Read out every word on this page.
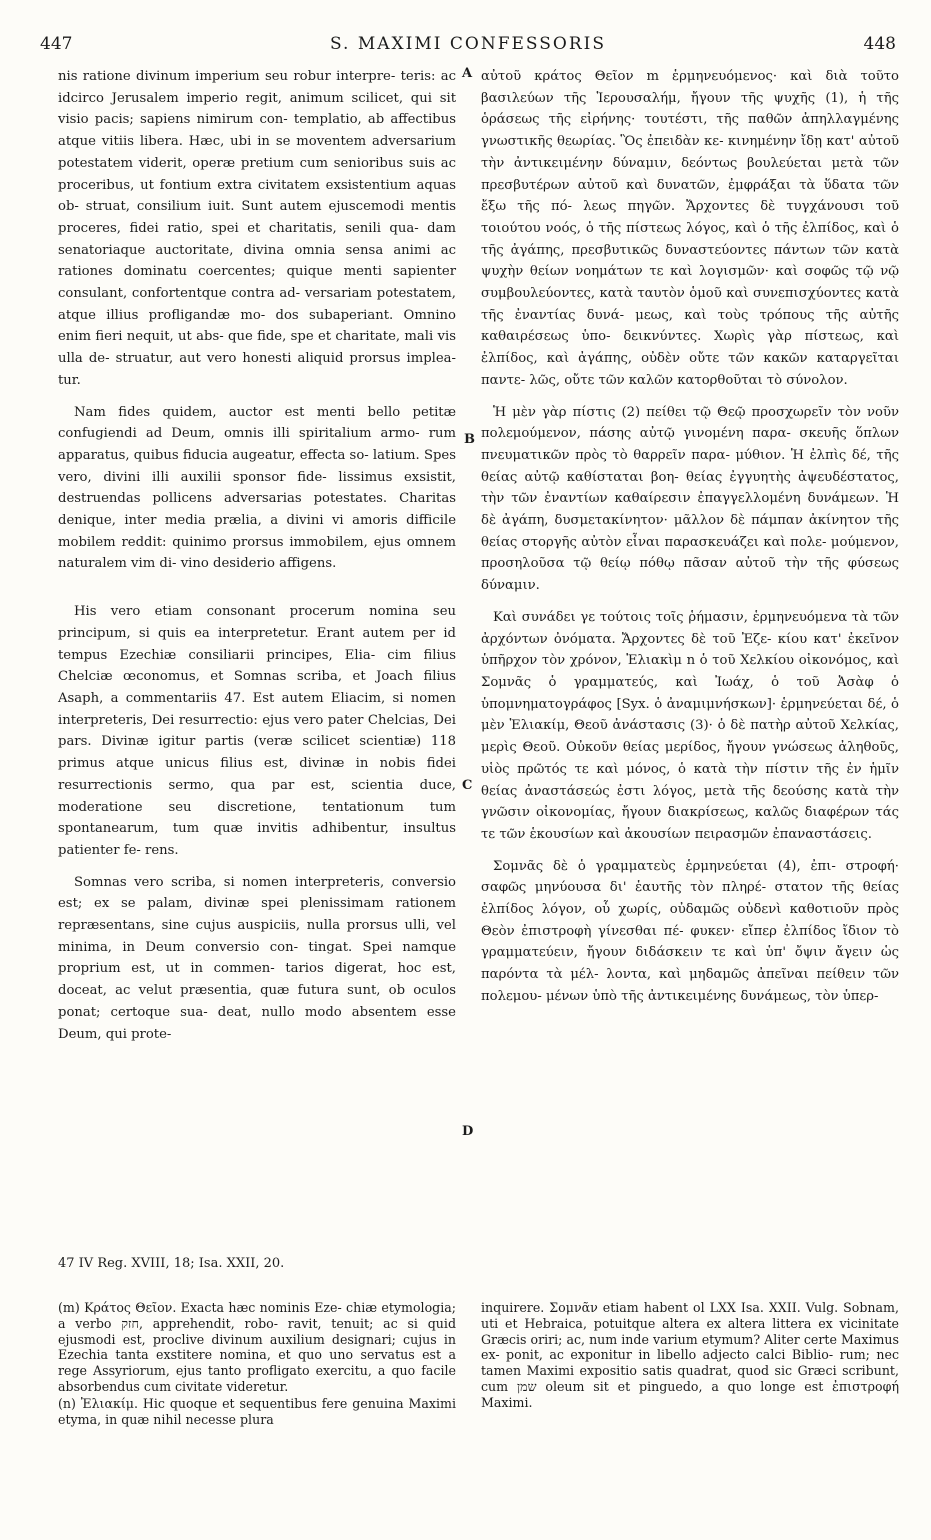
447	S. MAXIMI CONFESSORIS	448
A
B
C
D

nis ratione divinum imperium seu robur interpre- teris: ac idcirco Jerusalem imperio regit, animum scilicet, qui sit visio pacis; sapiens nimirum con- templatio, ab affectibus atque vitiis libera. Hæc, ubi in se moventem adversarium potestatem viderit, operæ pretium cum senioribus suis ac proceribus, ut fontium extra civitatem exsistentium aquas ob- struat, consilium iuit. Sunt autem ejuscemodi mentis proceres, fidei ratio, spei et charitatis, senili qua- dam senatoriaque auctoritate, divina omnia sensa animi ac rationes dominatu coercentes; quique menti sapienter consulant, confortentque contra ad- versariam potestatem, atque illius profligandæ mo- dos subaperiant. Omnino enim fieri nequit, ut abs- que fide, spe et charitate, mali vis ulla de- struatur, aut vero honesti aliquid prorsus implea- tur.

Nam fides quidem, auctor est menti bello petitæ confugiendi ad Deum, omnis illi spiritalium armo- rum apparatus, quibus fiducia augeatur, effecta so- latium. Spes vero, divini illi auxilii sponsor fide- lissimus exsistit, destruendas pollicens adversarias potestates. Charitas denique, inter media prælia, a divini vi amoris difficile mobilem reddit: quinimo prorsus immobilem, ejus omnem naturalem vim di- vino desiderio affigens.

His vero etiam consonant procerum nomina seu principum, si quis ea interpretetur. Erant autem per id tempus Ezechiæ consiliarii principes, Elia- cim filius Chelciæ œconomus, et Somnas scriba, et Joach filius Asaph, a commentariis 47. Est autem Eliacim, si nomen interpreteris, Dei resurrectio: ejus vero pater Chelcias, Dei pars. Divinæ igitur partis (veræ scilicet scientiæ) 118 primus atque unicus filius est, divinæ in nobis fidei resurrectionis sermo, qua par est, scientia duce, moderatione seu discretione, tentationum tum spontanearum, tum quæ invitis adhibentur, insultus patienter fe- rens.

Somnas vero scriba, si nomen interpreteris, conversio est; ex se palam, divinæ spei plenissimam rationem repræsentans, sine cujus auspiciis, nulla prorsus ulli, vel minima, in Deum conversio con- tingat. Spei namque proprium est, ut in commen- tarios digerat, hoc est, doceat, ac velut præsentia, quæ futura sunt, ob oculos ponat; certoque sua- deat, nullo modo absentem esse Deum, qui prote-

αὐτοῦ κράτος Θεῖον m ἑρμηνευόμενος· καὶ διὰ τοῦτο βασιλεύων τῆς Ἱερουσαλήμ, ἤγουν τῆς ψυχῆς (1), ἡ τῆς ὁράσεως τῆς εἰρήνης· τουτέστι, τῆς παθῶν ἀπηλλαγμένης γνωστικῆς θεωρίας. Ὃς ἐπειδὰν κε- κινημένην ἴδῃ κατ' αὐτοῦ τὴν ἀντικειμένην δύναμιν, δεόντως βουλεύεται μετὰ τῶν πρεσβυτέρων αὐτοῦ καὶ δυνατῶν, ἐμφράξαι τὰ ὕδατα τῶν ἔξω τῆς πό- λεως πηγῶν. Ἄρχοντες δὲ τυγχάνουσι τοῦ τοιούτου νοός, ὁ τῆς πίστεως λόγος, καὶ ὁ τῆς ἐλπίδος, καὶ ὁ τῆς ἀγάπης, πρεσβυτικῶς δυναστεύοντες πάντων τῶν κατὰ ψυχὴν θείων νοημάτων τε καὶ λογισμῶν· καὶ σοφῶς τῷ νῷ συμβουλεύοντες, κατὰ ταυτὸν ὁμοῦ καὶ συνεπισχύοντες κατὰ τῆς ἐναντίας δυνά- μεως, καὶ τοὺς τρόπους τῆς αὐτῆς καθαιρέσεως ὑπο- δεικνύντες. Χωρὶς γὰρ πίστεως, καὶ ἐλπίδος, καὶ ἀγάπης, οὐδὲν οὔτε τῶν κακῶν καταργεῖται παντε- λῶς, οὔτε τῶν καλῶν κατορθοῦται τὸ σύνολον.

Ἡ μὲν γὰρ πίστις (2) πείθει τῷ Θεῷ προσχωρεῖν τὸν νοῦν πολεμούμενον, πάσης αὐτῷ γινομένη παρα- σκευῆς ὅπλων πνευματικῶν πρὸς τὸ θαρρεῖν παρα- μύθιον. Ἡ ἐλπὶς δέ, τῆς θείας αὐτῷ καθίσταται βοη- θείας ἐγγυητὴς ἀψευδέστατος, τὴν τῶν ἐναντίων καθαίρεσιν ἐπαγγελλομένη δυνάμεων. Ἡ δὲ ἀγάπη, δυσμετακίνητον· μᾶλλον δὲ πάμπαν ἀκίνητον τῆς θείας στοργῆς αὐτὸν εἶναι παρασκευάζει καὶ πολε- μούμενον, προσηλοῦσα τῷ θείῳ πόθῳ πᾶσαν αὐτοῦ τὴν τῆς φύσεως δύναμιν.

Καὶ συνάδει γε τούτοις τοῖς ῥήμασιν, ἑρμηνευόμενα τὰ τῶν ἀρχόντων ὀνόματα. Ἄρχοντες δὲ τοῦ Ἐζε- κίου κατ' ἐκεῖνον ὑπῆρχον τὸν χρόνον, Ἐλιακὶμ n ὁ τοῦ Χελκίου οἰκονόμος, καὶ Σομνᾶς ὁ γραμματεύς, καὶ Ἰωάχ, ὁ τοῦ Ἀσὰφ ὁ ὑπομνηματογράφος [Syx. ὁ ἀναμιμνήσκων]· ἑρμηνεύεται δέ, ὁ μὲν Ἐλιακίμ, Θεοῦ ἀνάστασις (3)· ὁ δὲ πατὴρ αὐτοῦ Χελκίας, μερὶς Θεοῦ. Οὐκοῦν θείας μερίδος, ἤγουν γνώσεως ἀληθοῦς, υἱὸς πρῶτός τε καὶ μόνος, ὁ κατὰ τὴν πίστιν τῆς ἐν ἡμῖν θείας ἀναστάσεώς ἐστι λόγος, μετὰ τῆς δεούσης κατὰ τὴν γνῶσιν οἰκονομίας, ἤγουν διακρίσεως, καλῶς διαφέρων τάς τε τῶν ἑκουσίων καὶ ἀκουσίων πειρασμῶν ἐπαναστάσεις.

Σομνᾶς δὲ ὁ γραμματεὺς ἑρμηνεύεται (4), ἐπι- στροφή· σαφῶς μηνύουσα δι' ἑαυτῆς τὸν πληρέ- στατον τῆς θείας ἐλπίδος λόγον, οὗ χωρίς, οὐδαμῶς οὐδενὶ καθοτιοῦν πρὸς Θεὸν ἐπιστροφὴ γίνεσθαι πέ- φυκεν· εἴπερ ἐλπίδος ἴδιον τὸ γραμματεύειν, ἤγουν διδάσκειν τε καὶ ὑπ' ὄψιν ἄγειν ὡς παρόντα τὰ μέλ- λοντα, καὶ μηδαμῶς ἀπεῖναι πείθειν τῶν πολεμου- μένων ὑπὸ τῆς ἀντικειμένης δυνάμεως, τὸν ὑπερ-

47 IV Reg. XVIII, 18; Isa. XXII, 20.

(m) Κράτος Θεῖον. Exacta hæc nominis Eze- chiæ etymologia; a verbo חזק, apprehendit, robo- ravit, tenuit; ac si quid ejusmodi est, proclive divinum auxilium designari; cujus in Ezechia tanta exstitere nomina, et quo uno servatus est a rege Assyriorum, ejus tanto profligato exercitu, a quo facile absorbendus cum civitate videretur.

(n) Ἐλιακίμ. Hic quoque et sequentibus fere genuina Maximi etyma, in quæ nihil necesse plura

inquirere. Σομνᾶν etiam habent ol LXX Isa. XXII. Vulg. Sobnam, uti et Hebraica, potuitque altera ex altera littera ex vicinitate Græcis oriri; ac, num inde varium etymum? Aliter certe Maximus ex- ponit, ac exponitur in libello adjecto calci Biblio- rum; nec tamen Maximi expositio satis quadrat, quod sic Græci scribunt, cum שמן oleum sit et pinguedo, a quo longe est ἐπιστροφή Maximi.
